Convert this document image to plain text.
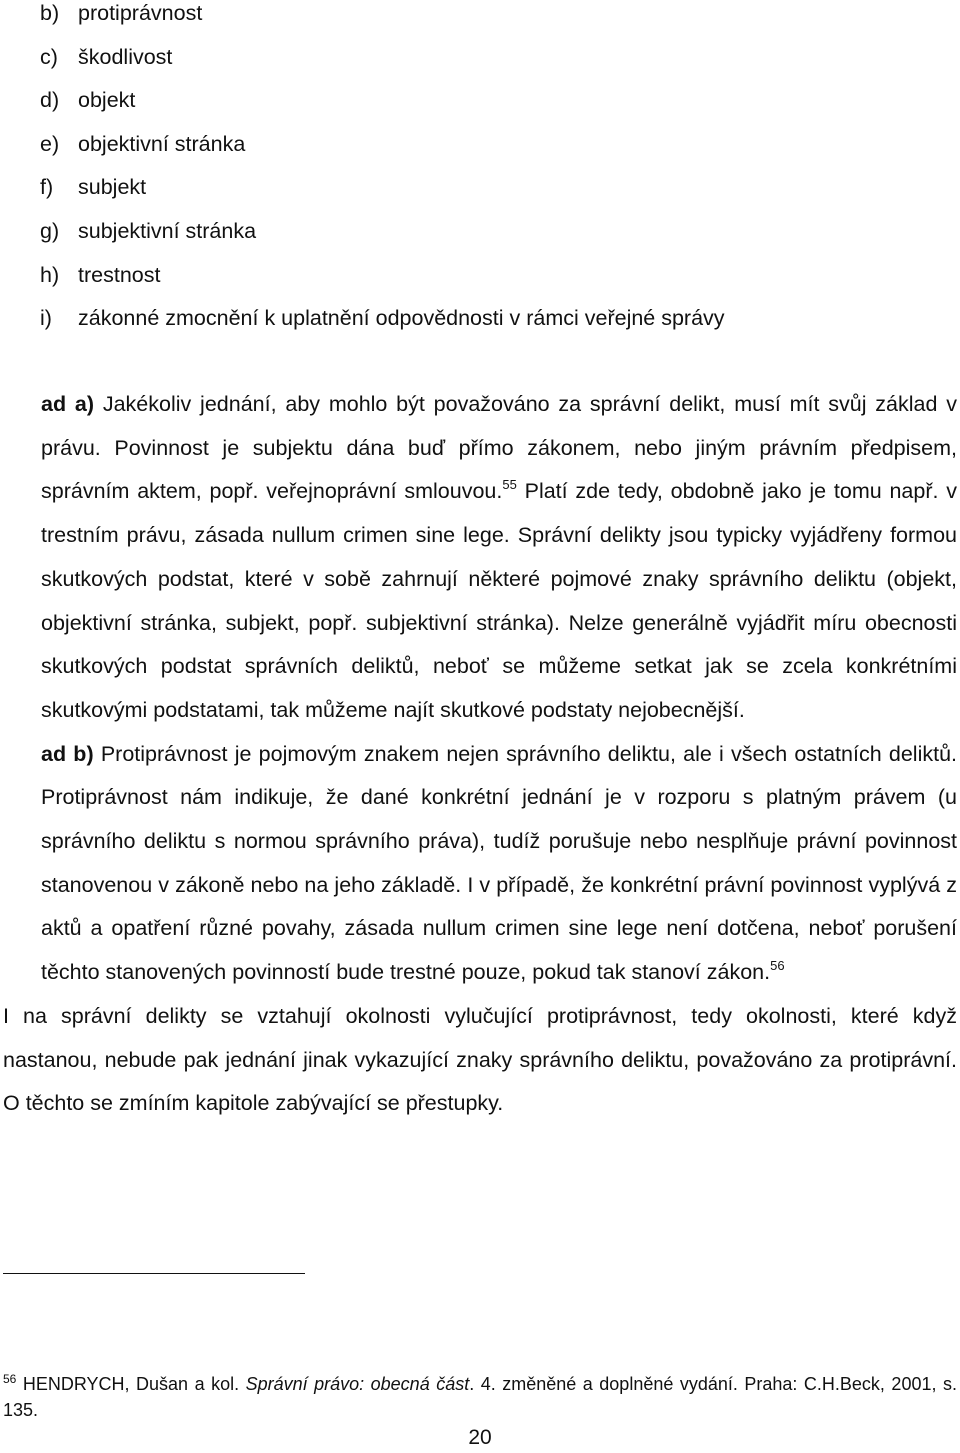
b) protiprávnost
c) škodlivost
d) objekt
e) objektivní stránka
f) subjekt
g) subjektivní stránka
h) trestnost
i) zákonné zmocnění k uplatnění odpovědnosti v rámci veřejné správy

ad a) Jakékoliv jednání, aby mohlo být považováno za správní delikt, musí mít svůj základ v právu. Povinnost je subjektu dána buď přímo zákonem, nebo jiným právním předpisem, správním aktem, popř. veřejnoprávní smlouvou.$^{55}$ Platí zde tedy, obdobně jako je tomu např. v trestním právu, zásada nullum crimen sine lege. Správní delikty jsou typicky vyjádřeny formou skutkových podstat, které v sobě zahrnují některé pojmové znaky správního deliktu (objekt, objektivní stránka, subjekt, popř. subjektivní stránka). Nelze generálně vyjádřit míru obecnosti skutkových podstat správních deliktů, neboť se můžeme setkat jak se zcela konkrétními skutkovými podstatami, tak můžeme najít skutkové podstaty nejobecnější.

ad b) Protiprávnost je pojmovým znakem nejen správního deliktu, ale i všech ostatních deliktů. Protiprávnost nám indikuje, že dané konkrétní jednání je v rozporu s platným právem (u správního deliktu s normou správního práva), tudíž porušuje nebo nesplňuje právní povinnost stanovenou v zákoně nebo na jeho základě. I v případě, že konkrétní právní povinnost vyplývá z aktů a opatření různé povahy, zásada nullum crimen sine lege není dotčena, neboť porušení těchto stanovených povinností bude trestné pouze, pokud tak stanoví zákon.$^{56}$

I na správní delikty se vztahují okolnosti vylučující protiprávnost, tedy okolnosti, které když nastanou, nebude pak jednání jinak vykazující znaky správního deliktu, považováno za protiprávní. O těchto se zmíním kapitole zabývající se přestupky.

$^{56}$ HENDRYCH, Dušan a kol. Správní právo: obecná část. 4. změněné a doplněné vydání. Praha: C.H.Beck, 2001, s. 135.
20
